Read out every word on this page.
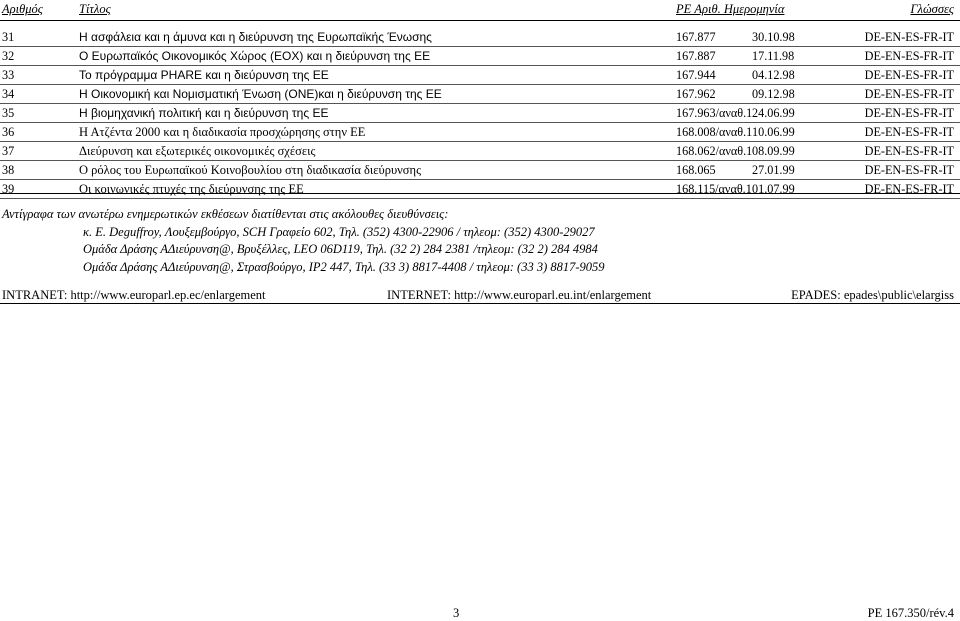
Αριθμός	Τίτλος	PE Αριθ. Ημερομηνία	Γλώσσες
31	Η ασφάλεια και η άμυνα και η διεύρυνση της Ευρωπαϊκής Ένωσης	167.877	30.10.98	DE-EN-ES-FR-IT
32	Ο Ευρωπαϊκός Οικονομικός Χώρος (ΕΟΧ) και η διεύρυνση της ΕΕ	167.887	17.11.98	DE-EN-ES-FR-IT
33	Το πρόγραμμα PHARE και η διεύρυνση της ΕΕ	167.944	04.12.98	DE-EN-ES-FR-IT
34	Η Οικονομική και Νομισματική Ένωση (ΟΝΕ)και η διεύρυνση της ΕΕ	167.962	09.12.98	DE-EN-ES-FR-IT
35	Η βιομηχανική πολιτική και η διεύρυνση της ΕΕ	167.963/αναθ.1 24.06.99	DE-EN-ES-FR-IT
36	Η Ατζέντα 2000 και η διαδικασία προσχώρησης στην ΕΕ	168.008/αναθ.1 10.06.99	DE-EN-ES-FR-IT
37	Διεύρυνση και εξωτερικές οικονομικές σχέσεις	168.062/αναθ.1 08.09.99	DE-EN-ES-FR-IT
38	Ο ρόλος του Ευρωπαϊκού Κοινοβουλίου στη διαδικασία διεύρυνσης	168.065	27.01.99	DE-EN-ES-FR-IT
39	Οι κοινωνικές πτυχές της διεύρυνσης της ΕΕ	168.115/αναθ.1 01.07.99	DE-EN-ES-FR-IT
Αντίγραφα των ανωτέρω ενημερωτικών εκθέσεων διατίθενται στις ακόλουθες διευθύνσεις:
κ. Ε. Deguffroy, Λουξεμβούργο, SCH Γραφείο 602, Τηλ. (352) 4300-22906 / τηλεομ: (352) 4300-29027
Ομάδα Δράσης ΑΔιεύρυνση@, Βρυξέλλες, LEO 06D119, Τηλ. (32 2) 284 2381 /τηλεομ: (32 2) 284 4984
Ομάδα Δράσης ΑΔιεύρυνση@, Στρασβούργο, IP2 447, Τηλ. (33 3) 8817-4408 / τηλεομ: (33 3) 8817-9059
INTRANET: http://www.europarl.ep.ec/enlargement	INTERNET: http://www.europarl.eu.int/enlargement	EPADES: epades\public\elargiss
3	PE 167.350/rév.4
